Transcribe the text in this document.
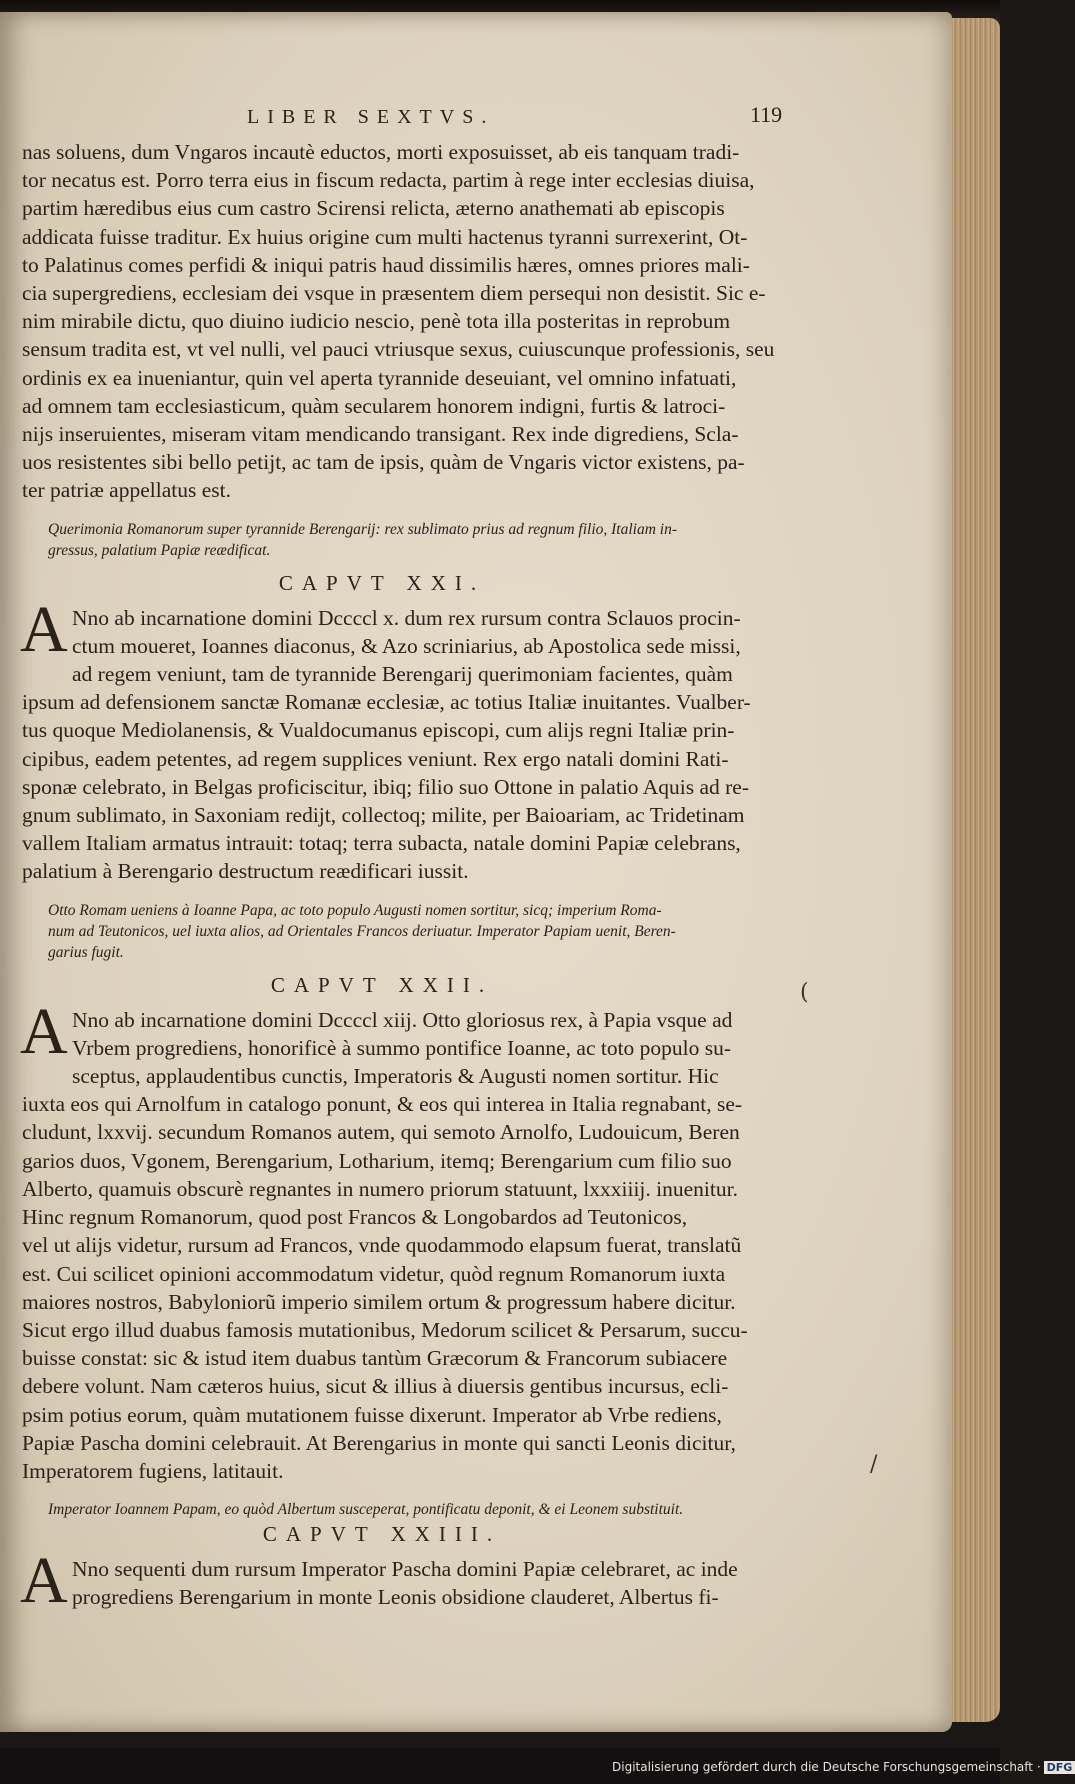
LIBER SEXTVS.	119
nas soluens, dum Vngaros incautè eductos, morti exposuisset, ab eis tanquam tradi-
tor necatus est. Porro terra eius in fiscum redacta, partim à rege inter ecclesias diuisa,
partim hæredibus eius cum castro Scirensi relicta, æterno anathemati ab episcopis
addicata fuisse traditur. Ex huius origine cum multi hactenus tyranni surrexerint, Ot-
to Palatinus comes perfidi & iniqui patris haud dissimilis hæres, omnes priores mali-
cia supergrediens, ecclesiam dei vsque in præsentem diem persequi non desistit. Sic e-
nim mirabile dictu, quo diuino iudicio nescio, penè tota illa posteritas in reprobum
sensum tradita est, vt vel nulli, vel pauci vtriusque sexus, cuiuscunque professionis, seu
ordinis ex ea inueniantur, quin vel aperta tyrannide deseuiant, vel omnino infatuati,
ad omnem tam ecclesiasticum, quàm secularem honorem indigni, furtis & latroci-
nijs inseruientes, miseram vitam mendicando transigant. Rex inde digrediens, Scla-
uos resistentes sibi bello petijt, ac tam de ipsis, quàm de Vngaris victor existens, pa-
ter patriæ appellatus est.
Querimonia Romanorum super tyrannide Berengarij: rex sublimato prius ad regnum filio, Italiam in-
gressus, palatium Papiæ reædificat.
CAPVT XXI.
A Nno ab incarnatione domini Dccccl x. dum rex rursum contra Sclauos procin-
ctum moueret, Ioannes diaconus, & Azo scriniarius, ab Apostolica sede missi,
ad regem veniunt, tam de tyrannide Berengarij querimoniam facientes, quàm
ipsum ad defensionem sanctæ Romanæ ecclesiæ, ac totius Italiæ inuitantes. Vualber-
tus quoque Mediolanensis, & Vualdocumanus episcopi, cum alijs regni Italiæ prin-
cipibus, eadem petentes, ad regem supplices veniunt. Rex ergo natali domini Rati-
sponæ celebrato, in Belgas proficiscitur, ibiq; filio suo Ottone in palatio Aquis ad re-
gnum sublimato, in Saxoniam redijt, collectoq; milite, per Baioariam, ac Tridetinam
vallem Italiam armatus intrauit: totaq; terra subacta, natale domini Papiæ celebrans,
palatium à Berengario destructum reædificari iussit.
Otto Romam ueniens à Ioanne Papa, ac toto populo Augusti nomen sortitur, sicq; imperium Roma-
num ad Teutonicos, uel iuxta alios, ad Orientales Francos deriuatur. Imperator Papiam uenit, Beren-
garius fugit.
CAPVT XXII.
A Nno ab incarnatione domini Dccccl xiij. Otto gloriosus rex, à Papia vsque ad
Vrbem progrediens, honorificè à summo pontifice Ioanne, ac toto populo su-
sceptus, applaudentibus cunctis, Imperatoris & Augusti nomen sortitur. Hic
iuxta eos qui Arnolfum in catalogo ponunt, & eos qui interea in Italia regnabant, se-
cludunt, lxxvij. secundum Romanos autem, qui semoto Arnolfo, Ludouicum, Beren
garios duos, Vgonem, Berengarium, Lotharium, itemq; Berengarium cum filio suo
Alberto, quamuis obscurè regnantes in numero priorum statuunt, lxxxiiij. inuenitur.
Hinc regnum Romanorum, quod post Francos & Longobardos ad Teutonicos,
vel ut alijs videtur, rursum ad Francos, vnde quodammodo elapsum fuerat, translatũ
est. Cui scilicet opinioni accommodatum videtur, quòd regnum Romanorum iuxta
maiores nostros, Babyloniorũ imperio similem ortum & progressum habere dicitur.
Sicut ergo illud duabus famosis mutationibus, Medorum scilicet & Persarum, succu-
buisse constat: sic & istud item duabus tantùm Græcorum & Francorum subiacere
debere volunt. Nam cæteros huius, sicut & illius à diuersis gentibus incursus, ecli-
psim potius eorum, quàm mutationem fuisse dixerunt. Imperator ab Vrbe rediens,
Papiæ Pascha domini celebrauit. At Berengarius in monte qui sancti Leonis dicitur,
Imperatorem fugiens, latitauit.
Imperator Ioannem Papam, eo quòd Albertum susceperat, pontificatu deponit, & ei Leonem substituit.
CAPVT XXIII.
A Nno sequenti dum rursum Imperator Pascha domini Papiæ celebraret, ac inde
progrediens Berengarium in monte Leonis obsidione clauderet, Albertus fi-
(
/
Digitalisierung gefördert durch die Deutsche Forschungsgemeinschaft · DFG
